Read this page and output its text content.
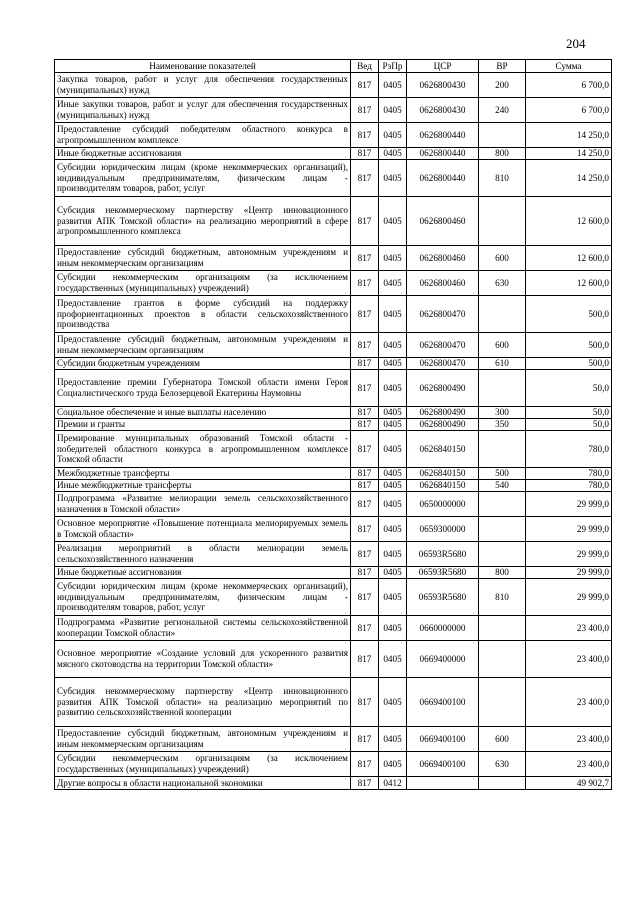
204
Наименование показателей	Вед	РзПр	ЦСР	ВР	Сумма
Закупка товаров, работ и услуг для обеспечения государственных (муниципальных) нужд	817	0405	0626800430	200	6 700,0
Иные закупки товаров, работ и услуг для обеспечения государственных (муниципальных) нужд	817	0405	0626800430	240	6 700,0
Предоставление субсидий победителям областного конкурса в агропромышленном комплексе	817	0405	0626800440		14 250,0
Иные бюджетные ассигнования	817	0405	0626800440	800	14 250,0
Субсидии юридическим лицам (кроме некоммерческих организаций), индивидуальным предпринимателям, физическим лицам - производителям товаров, работ, услуг	817	0405	0626800440	810	14 250,0
Субсидия некоммерческому партнерству «Центр инновационного развития АПК Томской области» на реализацию мероприятий в сфере агропромышленного комплекса	817	0405	0626800460		12 600,0
Предоставление субсидий бюджетным, автономным учреждениям и иным некоммерческим организациям	817	0405	0626800460	600	12 600,0
Субсидии некоммерческим организациям (за исключением государственных (муниципальных) учреждений)	817	0405	0626800460	630	12 600,0
Предоставление грантов в форме субсидий на поддержку профориентационных проектов в области сельскохозяйственного производства	817	0405	0626800470		500,0
Предоставление субсидий бюджетным, автономным учреждениям и иным некоммерческим организациям	817	0405	0626800470	600	500,0
Субсидии бюджетным учреждениям	817	0405	0626800470	610	500,0
Предоставление премии Губернатора Томской области имени Героя Социалистического труда Белозерцевой Екатерины Наумовны	817	0405	0626800490		50,0
Социальное обеспечение и иные выплаты населению	817	0405	0626800490	300	50,0
Премии и гранты	817	0405	0626800490	350	50,0
Премирование муниципальных образований Томской области - победителей областного конкурса в агропромышленном комплексе Томской области	817	0405	0626840150		780,0
Межбюджетные трансферты	817	0405	0626840150	500	780,0
Иные межбюджетные трансферты	817	0405	0626840150	540	780,0
Подпрограмма «Развитие мелиорации земель сельскохозяйственного назначения в Томской области»	817	0405	0650000000		29 999,0
Основное мероприятие «Повышение потенциала мелиорируемых земель в Томской области»	817	0405	0659300000		29 999,0
Реализация мероприятий в области мелиорации земель сельскохозяйственного назначения	817	0405	06593R5680		29 999,0
Иные бюджетные ассигнования	817	0405	06593R5680	800	29 999,0
Субсидии юридическим лицам (кроме некоммерческих организаций), индивидуальным предпринимателям, физическим лицам - производителям товаров, работ, услуг	817	0405	06593R5680	810	29 999,0
Подпрограмма «Развитие региональной системы сельскохозяйственной кооперации Томской области»	817	0405	0660000000		23 400,0
Основное мероприятие «Создание условий для ускоренного развития мясного скотоводства на территории Томской области»	817	0405	0669400000		23 400,0
Субсидия некоммерческому партнерству «Центр инновационного развития АПК Томской области» на реализацию мероприятий по развитию сельскохозяйственной кооперации	817	0405	0669400100		23 400,0
Предоставление субсидий бюджетным, автономным учреждениям и иным некоммерческим организациям	817	0405	0669400100	600	23 400,0
Субсидии некоммерческим организациям (за исключением государственных (муниципальных) учреждений)	817	0405	0669400100	630	23 400,0
Другие вопросы в области национальной экономики	817	0412			49 902,7
